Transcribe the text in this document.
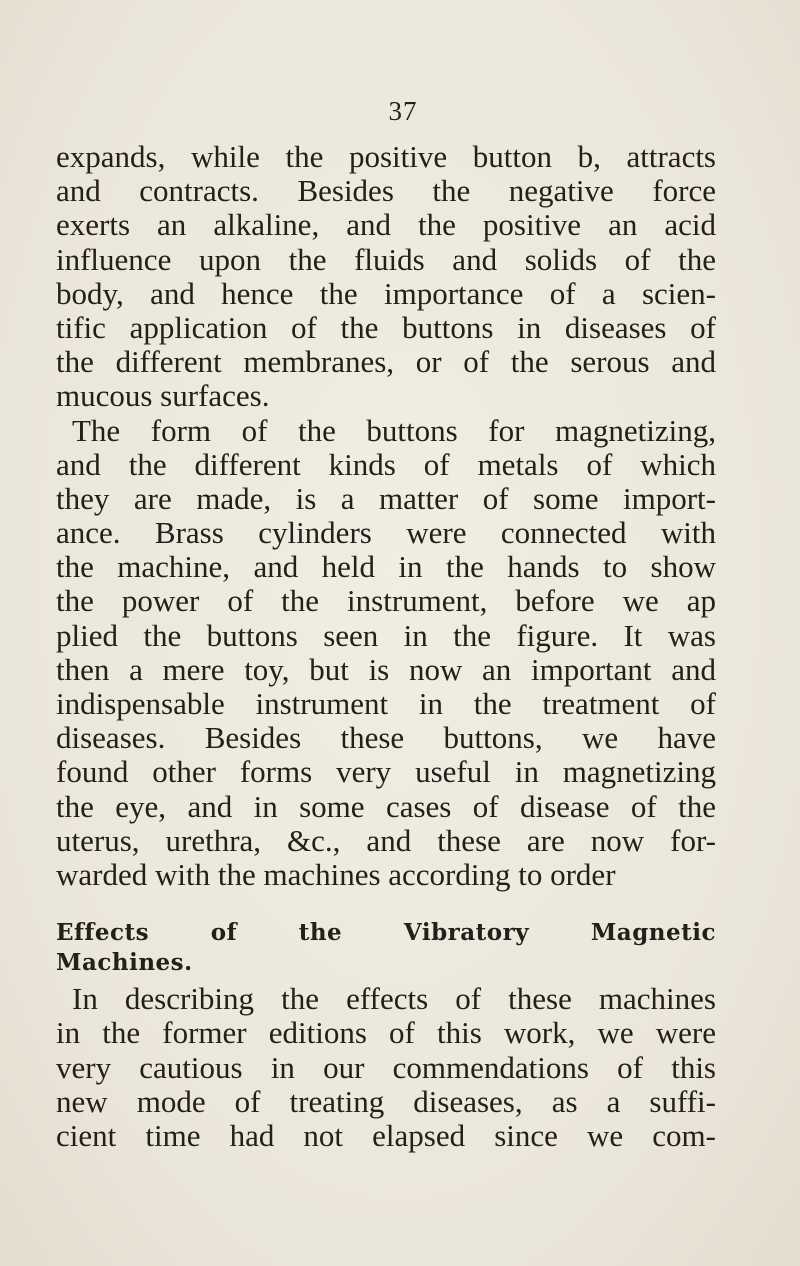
37
expands, while the positive button b, attracts
and contracts. Besides the negative force
exerts an alkaline, and the positive an acid
influence upon the fluids and solids of the
body, and hence the importance of a scien-
tific application of the buttons in diseases of
the different membranes, or of the serous and
mucous surfaces.
The form of the buttons for magnetizing,
and the different kinds of metals of which
they are made, is a matter of some import-
ance. Brass cylinders were connected with
the machine, and held in the hands to show
the power of the instrument, before we ap
plied the buttons seen in the figure. It was
then a mere toy, but is now an important and
indispensable instrument in the treatment of
diseases. Besides these buttons, we have
found other forms very useful in magnetizing
the eye, and in some cases of disease of the
uterus, urethra, &c., and these are now for-
warded with the machines according to order
Effects of the Vibratory Magnetic
Machines.
In describing the effects of these machines
in the former editions of this work, we were
very cautious in our commendations of this
new mode of treating diseases, as a suffi-
cient time had not elapsed since we com-
